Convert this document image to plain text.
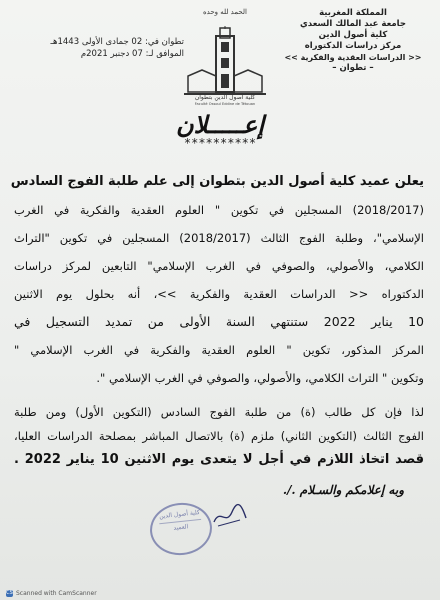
المملكة المغربية
جامعة عبد المالك السعدي
كلية أصول الدين
مركز دراسات الدكتوراه
<< الدراسات العقدية والفكرية >>
– تطوان –
الحمد لله وحده
كلية أصول الدين بتطوان
Faculté Ossoul Eddine de Tétouan
تطوان في: 02 جمادى الأولى 1443هـ
الموافق لـ: 07 دجنبر 2021م
إعـــــلان
**********
يعلن عميد كلية أصول الدين بتطوان إلى علم طلبة الفوج السادس
(2018/2017) المسجلين في تكوين " العلوم العقدية والفكرية في الغرب
الإسلامي"، وطلبة الفوج الثالث (2018/2017) المسجلين في تكوين "التراث
الكلامي، والأصولي، والصوفي في الغرب الإسلامي" التابعين لمركز دراسات
الدكتوراه << الدراسات العقدية والفكرية >>، أنه بحلول يوم الاثنين
10 يناير 2022 ستنتهي السنة الأولى من تمديد التسجيل في
المركز المذكور، تكوين " العلوم العقدية والفكرية في الغرب الإسلامي "
وتكوين " التراث الكلامي، والأصولي، والصوفي في الغرب الإسلامي ".
لذا فإن كل طالب (ة) من طلبة الفوج السادس (التكوين الأول) ومن طلبة
الفوج الثالث (التكوين الثاني) ملزم (ة) بالاتصال المباشر بمصلحة الدراسات العليا،
قصد اتخاذ اللازم في أجل لا يتعدى يوم الاثنين 10 يناير 2022 .
وبه إعلامكم والسـلام ./.
كلية أصول الدين
العميد
CS Scanned with CamScanner
